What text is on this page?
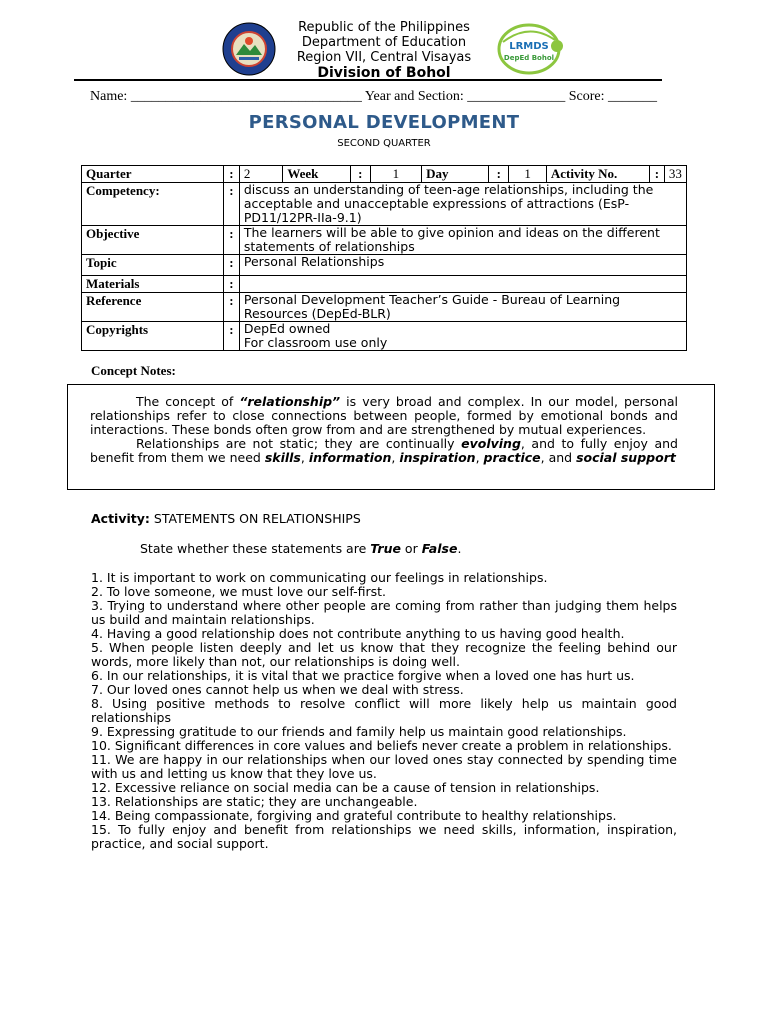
Republic of the Philippines
Department of Education
Region VII, Central Visayas
Division of Bohol
LRMDS
DepEd Bohol
Name: _________________________________ Year and Section: ______________ Score: _______
PERSONAL DEVELOPMENT
SECOND QUARTER
Quarter	:	2	Week	:	1	Day	:	1	Activity No.	:	33
Competency:	:	discuss an understanding of teen-age relationships, including the acceptable and unacceptable expressions of attractions (EsP-PD11/12PR-IIa-9.1)									
Objective	:	The learners will be able to give opinion and ideas on the different statements of relationships									
Topic	:	Personal Relationships									
Materials	:										
Reference	:	Personal Development Teacher’s Guide - Bureau of Learning Resources (DepEd-BLR)									
Copyrights	:	DepEd owned
For classroom use only									
Concept Notes:

The concept of “relationship” is very broad and complex. In our model, personal relationships refer to close connections between people, formed by emotional bonds and interactions. These bonds often grow from and are strengthened by mutual experiences.

Relationships are not static; they are continually evolving, and to fully enjoy and benefit from them we need skills, information, inspiration, practice, and social support

Activity: STATEMENTS ON RELATIONSHIPS
State whether these statements are True or False.
1. It is important to work on communicating our feelings in relationships.
2. To love someone, we must love our self-first.
3. Trying to understand where other people are coming from rather than judging them helps us build and maintain relationships.
4. Having a good relationship does not contribute anything to us having good health.
5. When people listen deeply and let us know that they recognize the feeling behind our words, more likely than not, our relationships is doing well.
6. In our relationships, it is vital that we practice forgive when a loved one has hurt us.
7. Our loved ones cannot help us when we deal with stress.
8. Using positive methods to resolve conflict will more likely help us maintain good relationships
9. Expressing gratitude to our friends and family help us maintain good relationships.
10. Significant differences in core values and beliefs never create a problem in relationships.
11. We are happy in our relationships when our loved ones stay connected by spending time with us and letting us know that they love us.
12. Excessive reliance on social media can be a cause of tension in relationships.
13. Relationships are static; they are unchangeable.
14. Being compassionate, forgiving and grateful contribute to healthy relationships.
15. To fully enjoy and benefit from relationships we need skills, information, inspiration, practice, and social support.
